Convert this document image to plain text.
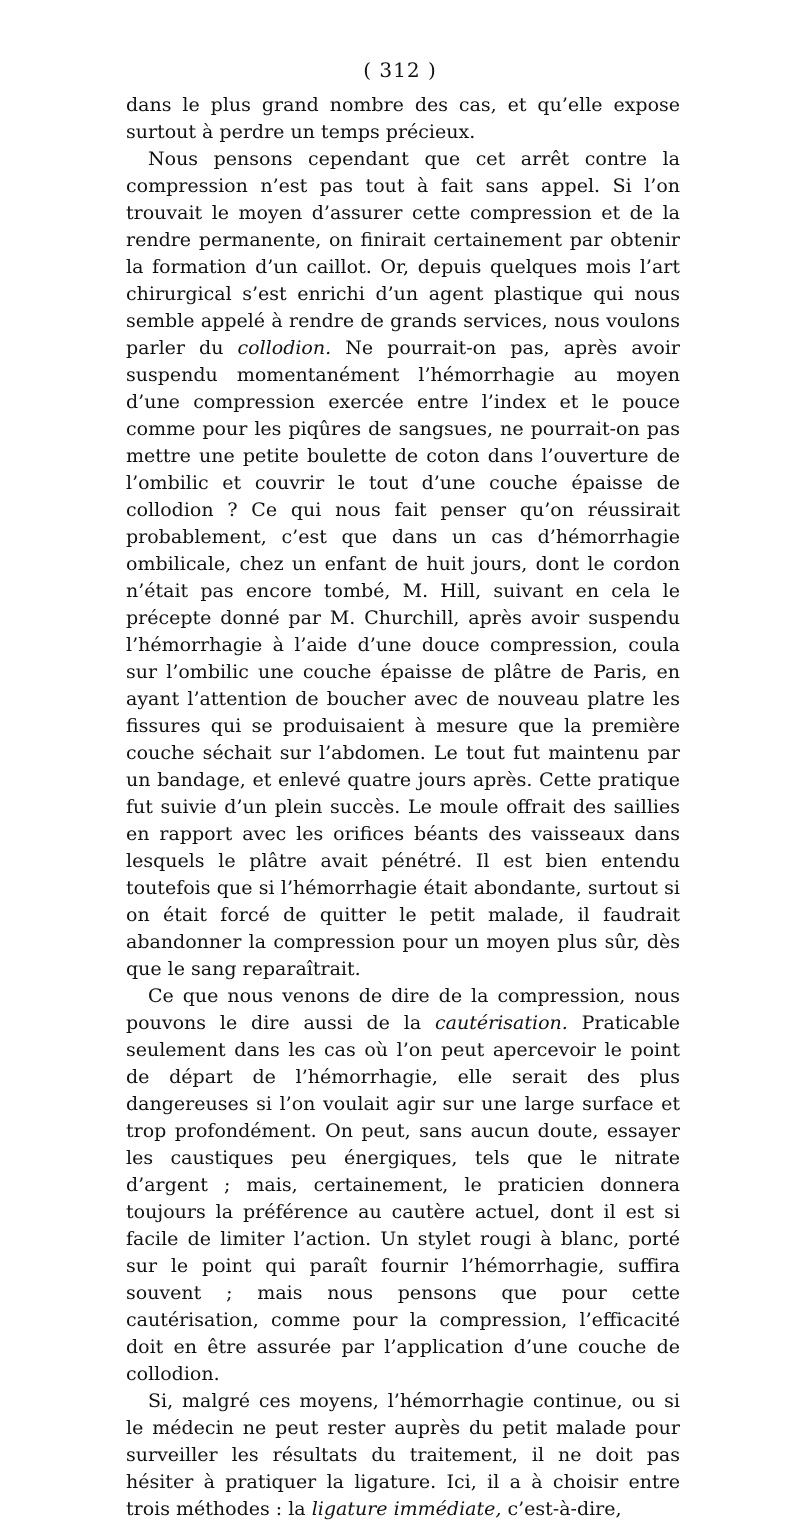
( 312 )

dans le plus grand nombre des cas, et qu’elle expose surtout à perdre un temps précieux.

Nous pensons cependant que cet arrêt contre la compression n’est pas tout à fait sans appel. Si l’on trouvait le moyen d’assurer cette compression et de la rendre permanente, on finirait certainement par obtenir la formation d’un caillot. Or, depuis quelques mois l’art chirurgical s’est enrichi d’un agent plastique qui nous semble appelé à rendre de grands services, nous voulons parler du collodion. Ne pourrait-on pas, après avoir suspendu momentanément l’hémorrhagie au moyen d’une compression exercée entre l’index et le pouce comme pour les piqûres de sangsues, ne pourrait-on pas mettre une petite boulette de coton dans l’ouverture de l’ombilic et couvrir le tout d’une couche épaisse de collodion ? Ce qui nous fait penser qu’on réussirait probablement, c’est que dans un cas d’hémorrhagie ombilicale, chez un enfant de huit jours, dont le cordon n’était pas encore tombé, M. Hill, suivant en cela le précepte donné par M. Churchill, après avoir suspendu l’hémorrhagie à l’aide d’une douce compression, coula sur l’ombilic une couche épaisse de plâtre de Paris, en ayant l’attention de boucher avec de nouveau platre les fissures qui se produisaient à mesure que la première couche séchait sur l’abdomen. Le tout fut maintenu par un bandage, et enlevé quatre jours après. Cette pratique fut suivie d’un plein succès. Le moule offrait des saillies en rapport avec les orifices béants des vaisseaux dans lesquels le plâtre avait pénétré. Il est bien entendu toutefois que si l’hémorrhagie était abondante, surtout si on était forcé de quitter le petit malade, il faudrait abandonner la compression pour un moyen plus sûr, dès que le sang reparaîtrait.

Ce que nous venons de dire de la compression, nous pouvons le dire aussi de la cautérisation. Praticable seulement dans les cas où l’on peut apercevoir le point de départ de l’hémorrhagie, elle serait des plus dangereuses si l’on voulait agir sur une large surface et trop profondément. On peut, sans aucun doute, essayer les caustiques peu énergiques, tels que le nitrate d’argent ; mais, certainement, le praticien donnera toujours la préférence au cautère actuel, dont il est si facile de limiter l’action. Un stylet rougi à blanc, porté sur le point qui paraît fournir l’hémorrhagie, suffira souvent ; mais nous pensons que pour cette cautérisation, comme pour la compression, l’efficacité doit en être assurée par l’application d’une couche de collodion.

Si, malgré ces moyens, l’hémorrhagie continue, ou si le médecin ne peut rester auprès du petit malade pour surveiller les résultats du traitement, il ne doit pas hésiter à pratiquer la ligature. Ici, il a à choisir entre trois méthodes : la ligature immédiate, c’est-à-dire,
